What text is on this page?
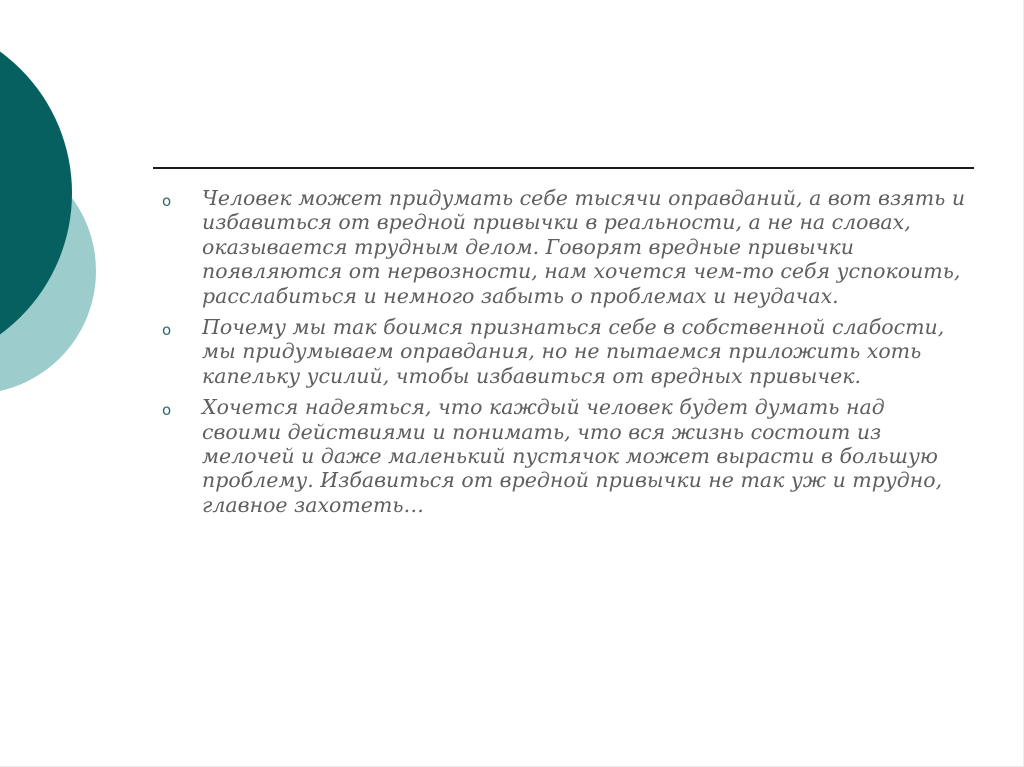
o Человек может придумать себе тысячи оправданий, а вот взять и избавиться от вредной привычки в реальности, а не на словах, оказывается трудным делом. Говорят вредные привычки появляются от нервозности, нам хочется чем-то себя успокоить, расслабиться и немного забыть о проблемах и неудачах.
o Почему мы так боимся признаться себе в собственной слабости, мы придумываем оправдания, но не пытаемся приложить хоть капельку усилий, чтобы избавиться от вредных привычек.
o Хочется надеяться, что каждый человек будет думать над своими действиями и понимать, что вся жизнь состоит из мелочей и даже маленький пустячок может вырасти в большую проблему. Избавиться от вредной привычки не так уж и трудно, главное захотеть…
